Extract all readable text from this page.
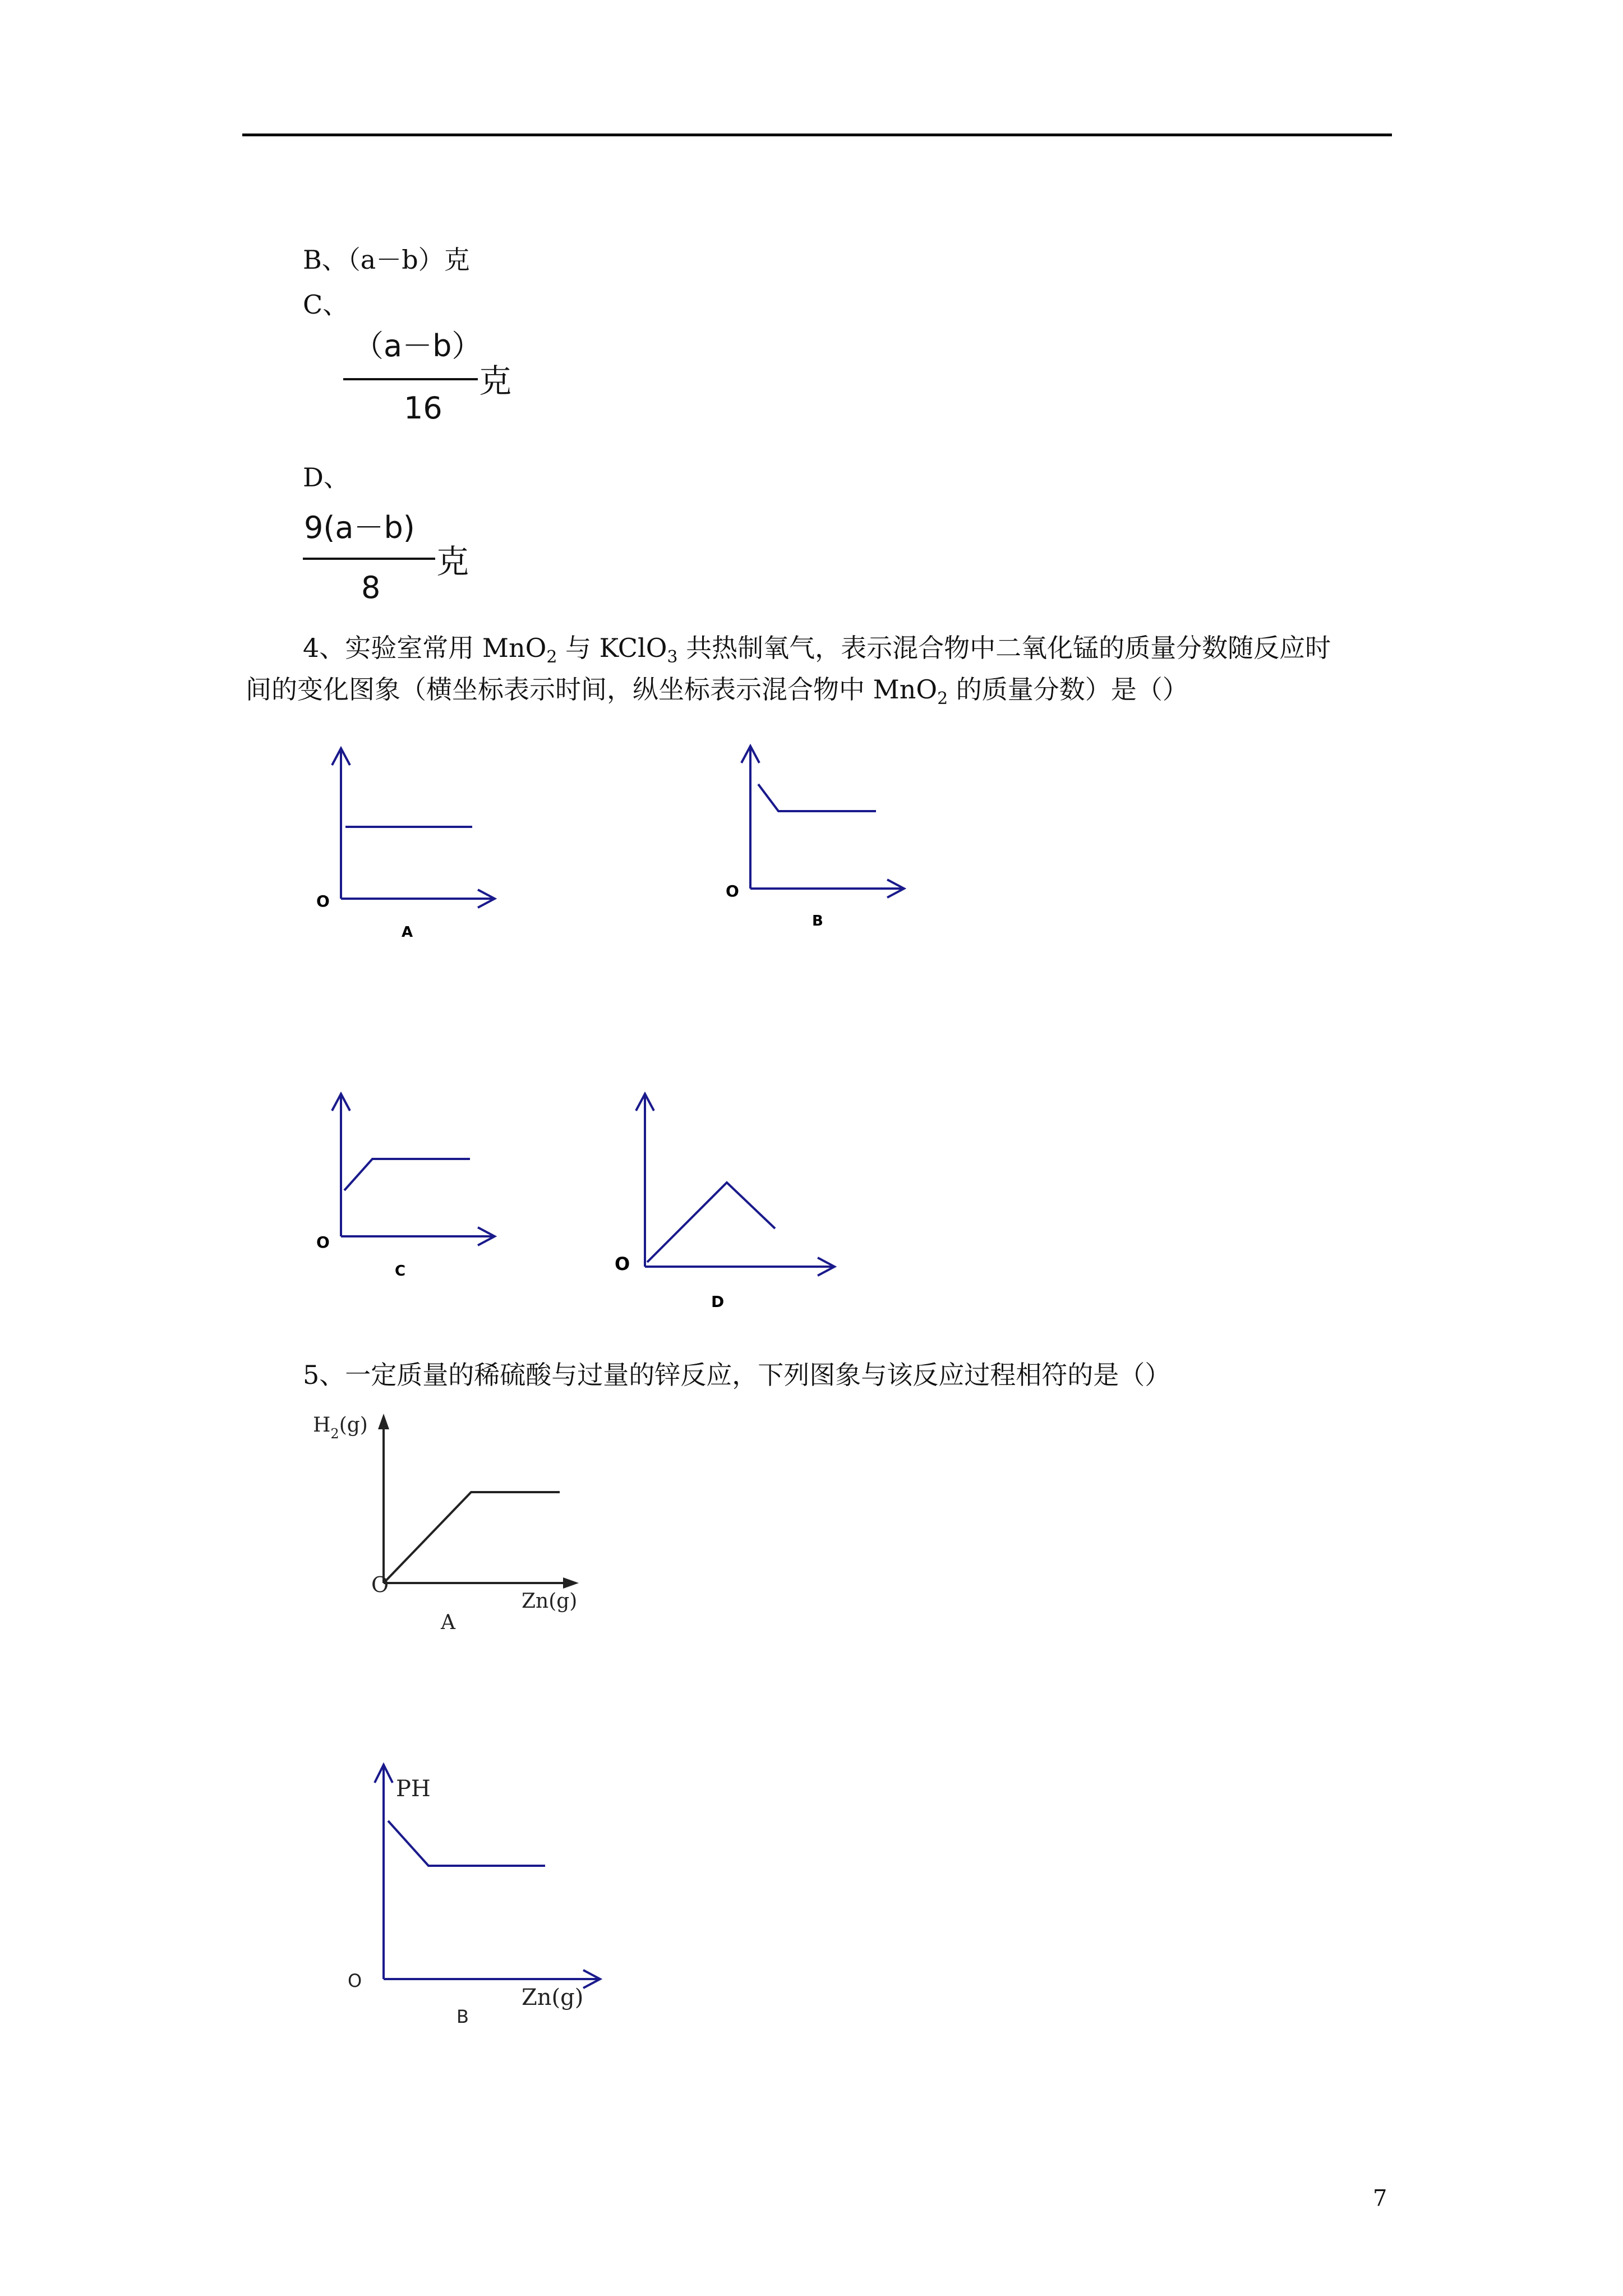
B、（a－b）克
C、
（a－b）
16
克
D、
9(a－b)
8
克
4、实验室常用 MnO$_2$ 与 KClO$_3$ 共热制氧气，表示混合物中二氧化锰的质量分数随反应时
间的变化图象（横坐标表示时间，纵坐标表示混合物中 MnO$_2$ 的质量分数）是（）
O
A
O
B
O
C	O
D
5、一定质量的稀硫酸与过量的锌反应，下列图象与该反应过程相符的是（）
$H_2(g)$
O
Zn(g)
A
PH
O
Zn(g)
B
7
